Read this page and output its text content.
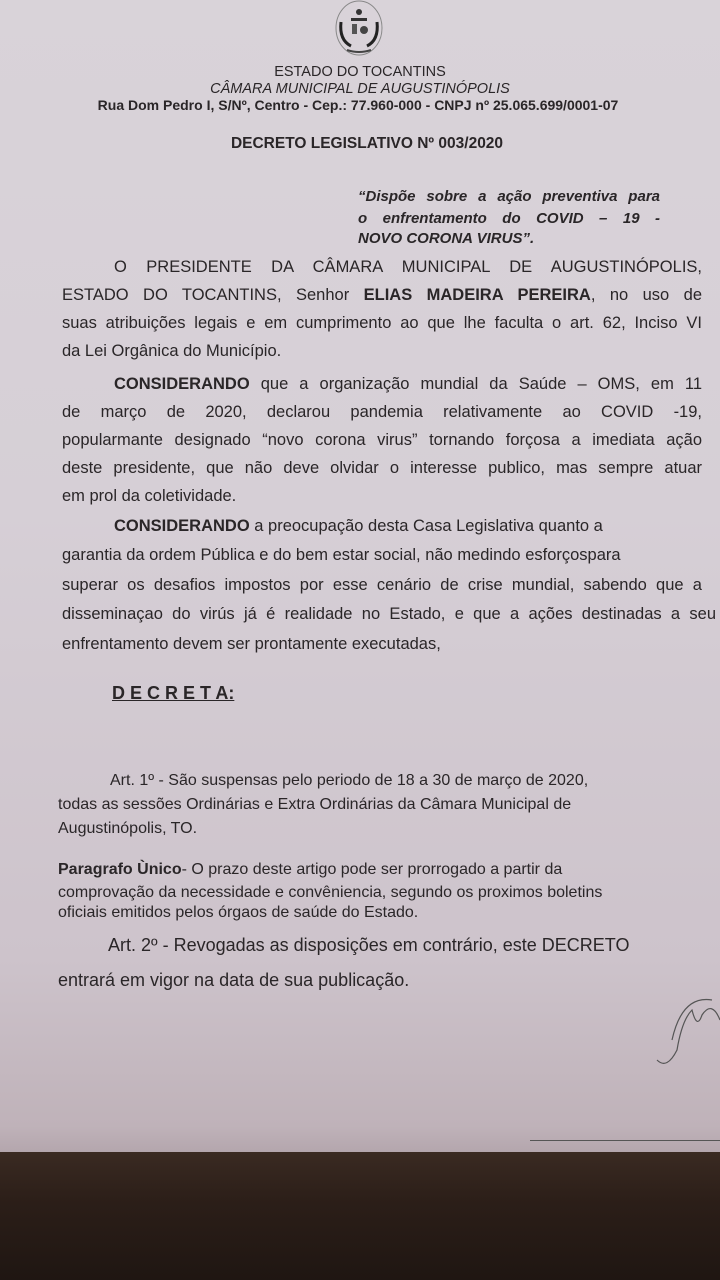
ESTADO DO TOCANTINS
CÂMARA MUNICIPAL DE AUGUSTINÓPOLIS
Rua Dom Pedro I, S/Nº, Centro - Cep.: 77.960-000 - CNPJ nº 25.065.699/0001-07
DECRETO LEGISLATIVO Nº 003/2020
“Dispõe sobre a ação preventiva para
o enfrentamento do COVID – 19 -
NOVO CORONA VIRUS”.
O PRESIDENTE DA CÂMARA MUNICIPAL DE AUGUSTINÓPOLIS,
ESTADO DO TOCANTINS, Senhor ELIAS MADEIRA PEREIRA, no uso de
suas atribuições legais e em cumprimento ao que lhe faculta o art. 62, Inciso VI
da Lei Orgânica do Município.
CONSIDERANDO que a organização mundial da Saúde – OMS, em 11
de março de 2020, declarou pandemia relativamente ao COVID -19,
popularmante designado “novo corona virus” tornando forçosa a imediata ação
deste presidente, que não deve olvidar o interesse publico, mas sempre atuar
em prol da coletividade.
CONSIDERANDO a preocupação desta Casa Legislativa quanto a
garantia da ordem Pública e do bem estar social, não medindo esforçospara
superar os desafios impostos por esse cenário de crise mundial, sabendo que a
disseminaçao do virús já é realidade no Estado, e que a ações destinadas a seu
enfrentamento devem ser prontamente executadas,
D E C R E T A:
Art. 1º - São suspensas pelo periodo de 18 a 30 de março de 2020,
todas as sessões Ordinárias e Extra Ordinárias da Câmara Municipal de
Augustinópolis, TO.
Paragrafo Ùnico- O prazo deste artigo pode ser prorrogado a partir da
comprovação da necessidade e convêniencia, segundo os proximos boletins
oficiais emitidos pelos órgaos de saúde do Estado.
Art. 2º - Revogadas as disposições em contrário, este DECRETO
entrará em vigor na data de sua publicação.
